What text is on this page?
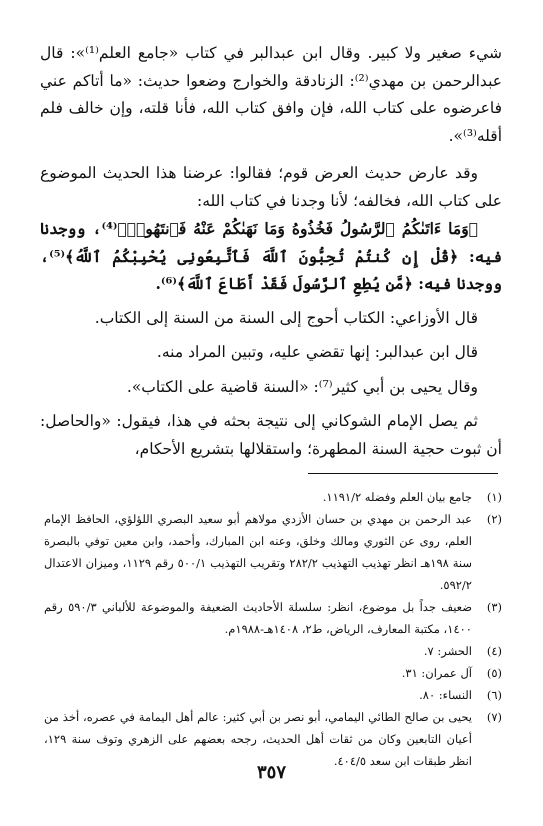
شيء صغير ولا كبير. وقال ابن عبدالبر في كتاب «جامع العلم⁽¹⁾»: قال عبدالرحمن بن مهدي⁽²⁾: الزنادقة والخوارج وضعوا حديث: «ما أتاكم عني فاعرضوه على كتاب الله، فإن وافق كتاب الله، فأنا قلته، وإن خالف فلم أقله⁽³⁾».

وقد عارض حديث العرض قوم؛ فقالوا: عرضنا هذا الحديث الموضوع على كتاب الله، فخالفه؛ لأنا وجدنا في كتاب الله:

﴿وَمَا ءَاتَىٰكُمُ ٱلرَّسُولُ فَخُذُوهُ وَمَا نَهَىٰكُمْ عَنْهُ فَٱنتَهُوا۟﴾⁽⁴⁾، ووجدنا فيه: ﴿قُلْ إِن كُنتُمْ تُحِبُّونَ ٱللَّهَ فَٱتَّبِعُونِى يُحْبِبْكُمُ ٱللَّهُ﴾⁽⁵⁾، ووجدنا فيه: ﴿مَّن يُطِعِ ٱلرَّسُولَ فَقَدْ أَطَاعَ ٱللَّهَ﴾⁽⁶⁾.

قال الأوزاعي: الكتاب أحوج إلى السنة من السنة إلى الكتاب.

قال ابن عبدالبر: إنها تقضي عليه، وتبين المراد منه.

وقال يحيى بن أبي كثير⁽⁷⁾: «السنة قاضية على الكتاب».

ثم يصل الإمام الشوكاني إلى نتيجة بحثه في هذا، فيقول: «والحاصل: أن ثبوت حجية السنة المطهرة؛ واستقلالها بتشريع الأحكام،

(١)
جامع بيان العلم وفضله ١١٩١/٢.
(٢)
عبد الرحمن بن مهدي بن حسان الأزدي مولاهم أبو سعيد البصري اللؤلؤي، الحافظ الإمام العلم، روى عن الثوري ومالك وخلق، وعنه ابن المبارك، وأحمد، وابن معين توفي بالبصرة سنة ١٩٨هـ انظر تهذيب التهذيب ٢٨٢/٢ وتقريب التهذيب ٥٠٠/١ رقم ١١٢٩، وميزان الاعتدال ٥٩٢/٢.
(٣)
ضعيف جداً بل موضوع، انظر: سلسلة الأحاديث الضعيفة والموضوعة للألباني ٥٩٠/٣ رقم ١٤٠٠، مكتبة المعارف، الرياض، ط٢، ١٤٠٨هـ-١٩٨٨م.
(٤)
الحشر: ٧.
(٥)
آل عمران: ٣١.
(٦)
النساء: ٨٠.
(٧)
يحيى بن صالح الطائي اليمامي، أبو نصر بن أبي كثير: عالم أهل اليمامة في عصره، أخذ من أعيان التابعين وكان من ثقات أهل الحديث، رجحه بعضهم على الزهري وتوف سنة ١٢٩، انظر طبقات ابن سعد ٤٠٤/٥.
٣٥٧
